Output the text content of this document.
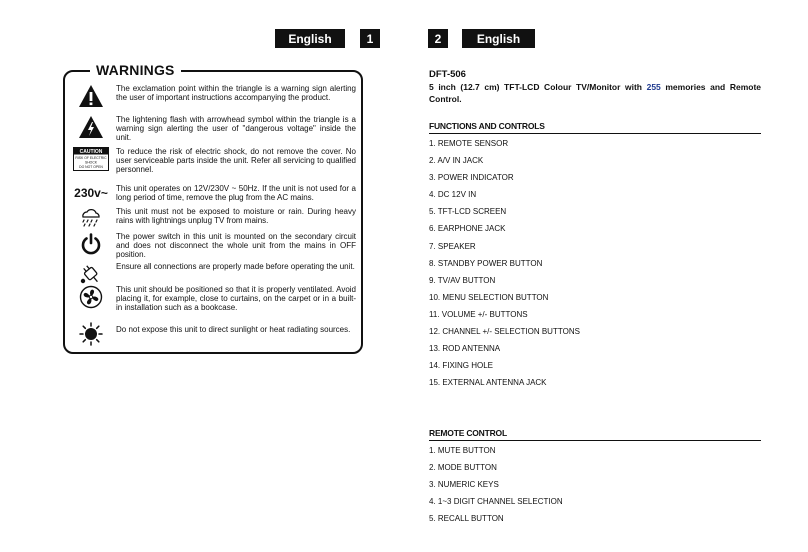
English	1	2	English
WARNINGS
The exclamation point within the triangle is a warning sign alerting the user of important instructions accompanying the product.
The lightening flash with arrowhead symbol within the triangle is a warning sign alerting the user of "dangerous voltage" inside the unit.
CAUTION
RISK OF ELECTRIC
SHOCK
DO NOT OPEN
To reduce the risk of electric shock, do not remove the cover. No user serviceable parts inside the unit. Refer all servicing to qualified personnel.
230v~ This unit operates on 12V/230V ~ 50Hz. If the unit is not used for a long period of time, remove the plug from the AC mains.
This unit must not be exposed to moisture or rain. During heavy rains with lightnings unplug TV from mains.
The power switch in this unit is mounted on the secondary circuit and does not disconnect the whole unit from the mains in OFF position.
Ensure all connections are properly made before operating the unit.
This unit should be positioned so that it is properly ventilated. Avoid placing it, for example, close to curtains, on the carpet or in a built-in installation such as a bookcase.
Do not expose this unit to direct sunlight or heat radiating sources.
DFT-506
5 inch (12.7 cm) TFT-LCD Colour TV/Monitor with 255 memories and Remote Control.
FUNCTIONS AND CONTROLS
1. REMOTE SENSOR
2. A/V IN JACK
3. POWER INDICATOR
4. DC 12V IN
5. TFT-LCD SCREEN
6. EARPHONE JACK
7. SPEAKER
8. STANDBY POWER BUTTON
9. TV/AV BUTTON
10. MENU SELECTION BUTTON
11. VOLUME +/- BUTTONS
12. CHANNEL +/- SELECTION BUTTONS
13. ROD ANTENNA
14. FIXING HOLE
15. EXTERNAL ANTENNA JACK
REMOTE CONTROL
1. MUTE BUTTON
2. MODE BUTTON
3. NUMERIC KEYS
4. 1~3 DIGIT CHANNEL SELECTION
5. RECALL BUTTON
